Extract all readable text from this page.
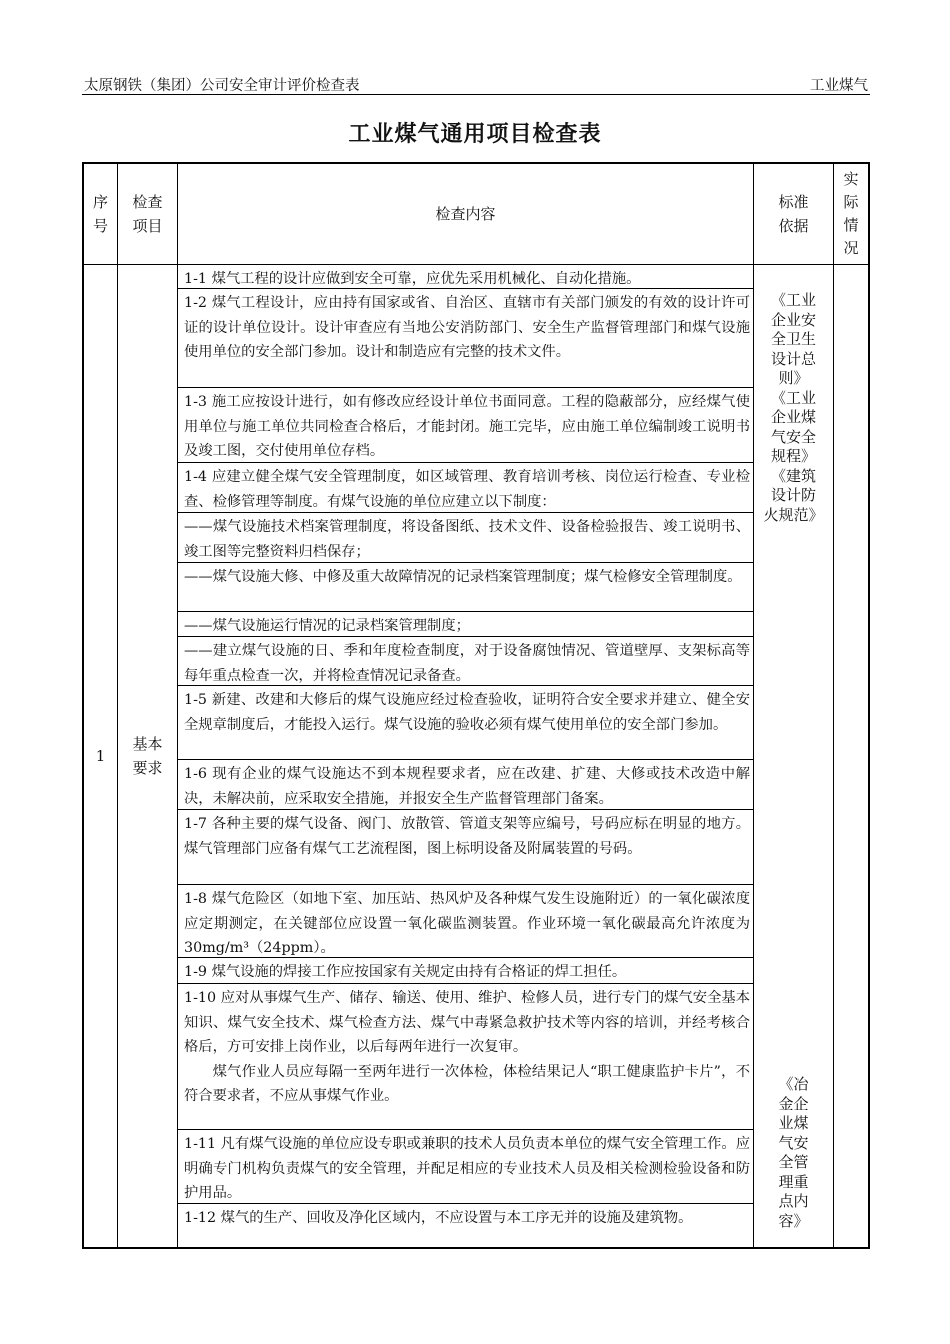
太原钢铁（集团）公司安全审计评价检查表	工业煤气
工业煤气通用项目检查表
序
号
检查
项目
检查内容
标准
依据
实
际
情
况
1
基本
要求
1-1 煤气工程的设计应做到安全可靠，应优先采用机械化、自动化措施。
1-2 煤气工程设计，应由持有国家或省、自治区、直辖市有关部门颁发的有效的设计许可证的设计单位设计。设计审查应有当地公安消防部门、安全生产监督管理部门和煤气设施使用单位的安全部门参加。设计和制造应有完整的技术文件。
1-3 施工应按设计进行，如有修改应经设计单位书面同意。工程的隐蔽部分，应经煤气使用单位与施工单位共同检查合格后，才能封闭。施工完毕，应由施工单位编制竣工说明书及竣工图，交付使用单位存档。
1-4 应建立健全煤气安全管理制度，如区域管理、教育培训考核、岗位运行检查、专业检查、检修管理等制度。有煤气设施的单位应建立以下制度：
——煤气设施技术档案管理制度，将设备图纸、技术文件、设备检验报告、竣工说明书、竣工图等完整资料归档保存；
——煤气设施大修、中修及重大故障情况的记录档案管理制度；煤气检修安全管理制度。
——煤气设施运行情况的记录档案管理制度；
——建立煤气设施的日、季和年度检查制度，对于设备腐蚀情况、管道壁厚、支架标高等每年重点检查一次，并将检查情况记录备查。
1-5 新建、改建和大修后的煤气设施应经过检查验收，证明符合安全要求并建立、健全安全规章制度后，才能投入运行。煤气设施的验收必须有煤气使用单位的安全部门参加。
1-6 现有企业的煤气设施达不到本规程要求者，应在改建、扩建、大修或技术改造中解决，未解决前，应采取安全措施，并报安全生产监督管理部门备案。
1-7 各种主要的煤气设备、阀门、放散管、管道支架等应编号，号码应标在明显的地方。煤气管理部门应备有煤气工艺流程图，图上标明设备及附属装置的号码。
1-8 煤气危险区（如地下室、加压站、热风炉及各种煤气发生设施附近）的一氧化碳浓度应定期测定，在关键部位应设置一氧化碳监测装置。作业环境一氧化碳最高允许浓度为30mg/m³（24ppm）。
1-9 煤气设施的焊接工作应按国家有关规定由持有合格证的焊工担任。
1-10 应对从事煤气生产、储存、输送、使用、维护、检修人员，进行专门的煤气安全基本知识、煤气安全技术、煤气检查方法、煤气中毒紧急救护技术等内容的培训，并经考核合格后，方可安排上岗作业，以后每两年进行一次复审。
煤气作业人员应每隔一至两年进行一次体检，体检结果记人“职工健康监护卡片”，不符合要求者，不应从事煤气作业。
1-11 凡有煤气设施的单位应设专职或兼职的技术人员负责本单位的煤气安全管理工作。应明确专门机构负责煤气的安全管理，并配足相应的专业技术人员及相关检测检验设备和防护用品。
1-12 煤气的生产、回收及净化区域内，不应设置与本工序无并的设施及建筑物。
《工业
企业安
全卫生
设计总
则》
《工业
企业煤
气安全
规程》
《建筑
设计防
火规范》
《冶
金企
业煤
气安
全管
理重
点内
容》
